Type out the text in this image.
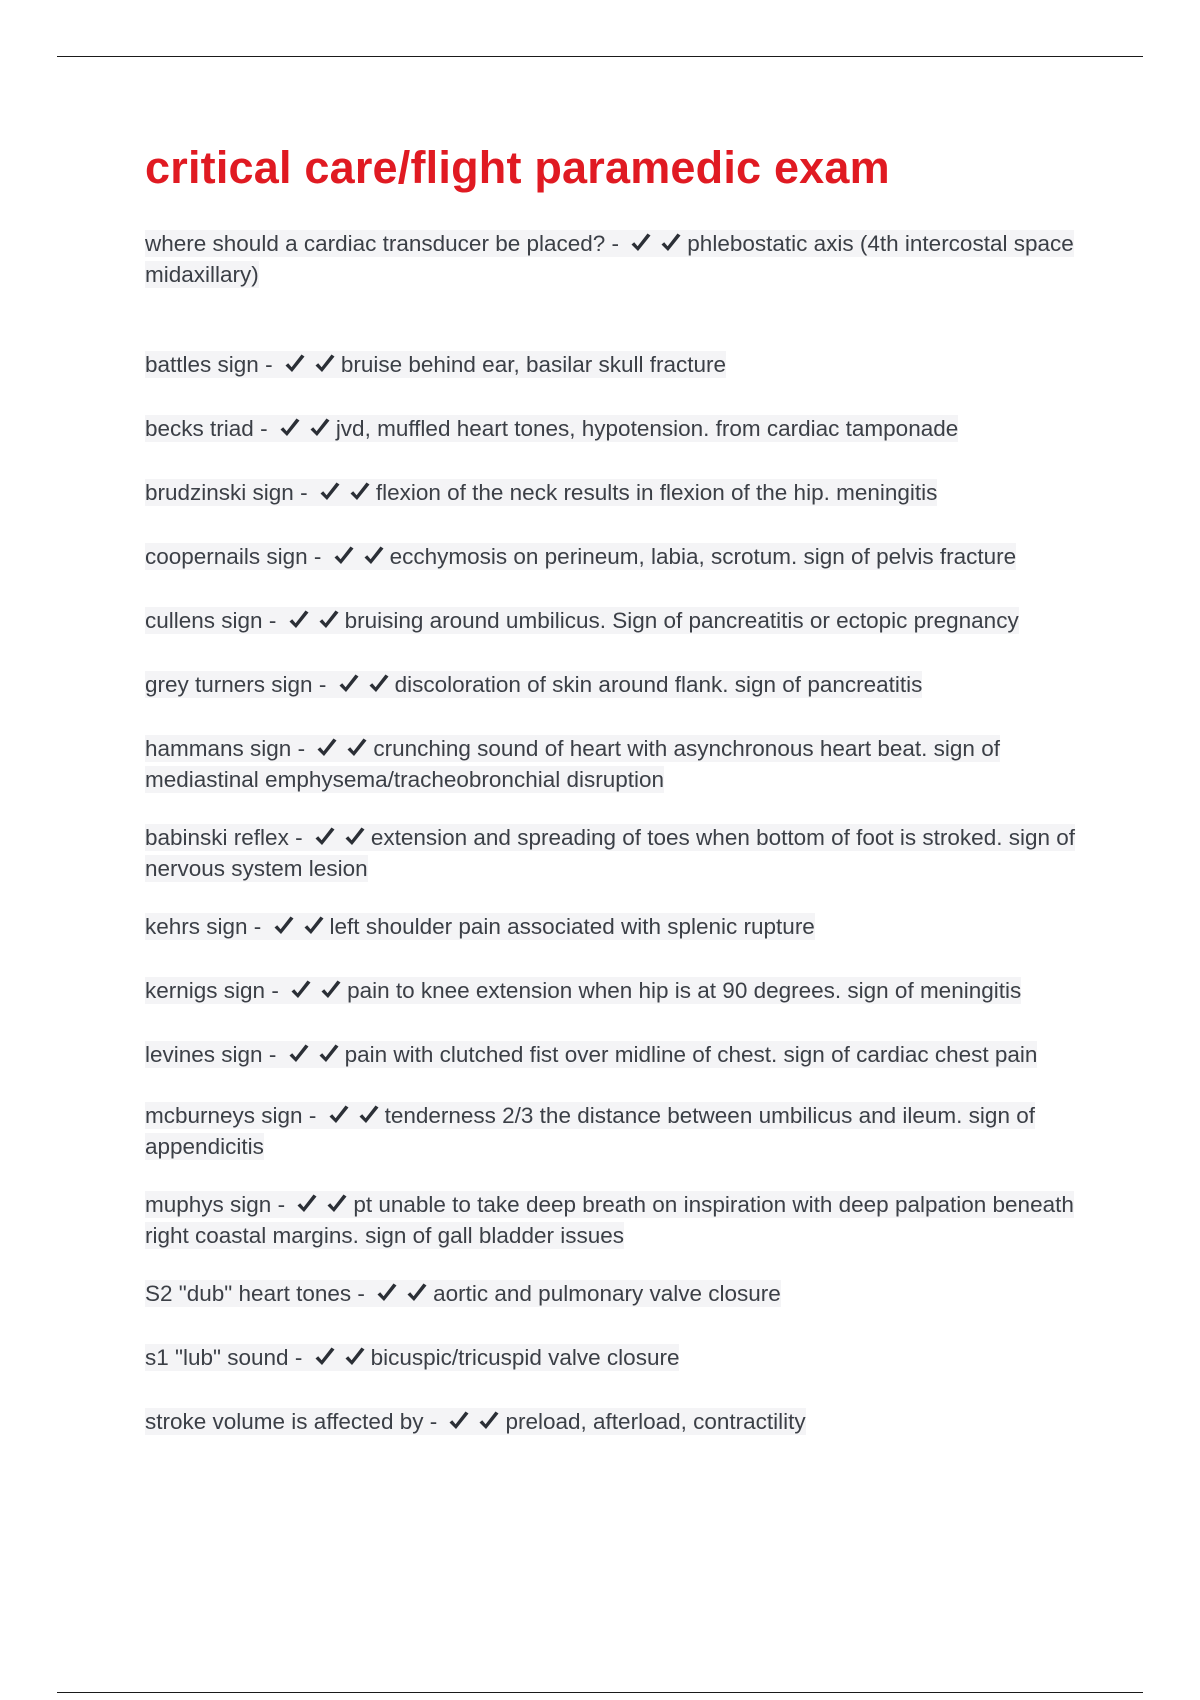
critical care/flight paramedic exam
where should a cardiac transducer be placed? -	phlebostatic axis (4th intercostal space midaxillary)
battles sign -	bruise behind ear, basilar skull fracture
becks triad -	jvd, muffled heart tones, hypotension. from cardiac tamponade
brudzinski sign -	flexion of the neck results in flexion of the hip. meningitis
coopernails sign -	ecchymosis on perineum, labia, scrotum. sign of pelvis fracture
cullens sign -	bruising around umbilicus. Sign of pancreatitis or ectopic pregnancy
grey turners sign -	discoloration of skin around flank. sign of pancreatitis
hammans sign -	crunching sound of heart with asynchronous heart beat. sign of mediastinal emphysema/tracheobronchial disruption
babinski reflex -	extension and spreading of toes when bottom of foot is stroked. sign of nervous system lesion
kehrs sign -	left shoulder pain associated with splenic rupture
kernigs sign -	pain to knee extension when hip is at 90 degrees. sign of meningitis
levines sign -	pain with clutched fist over midline of chest. sign of cardiac chest pain
mcburneys sign -	tenderness 2/3 the distance between umbilicus and ileum. sign of appendicitis
muphys sign -	pt unable to take deep breath on inspiration with deep palpation beneath right coastal margins. sign of gall bladder issues
S2 "dub" heart tones -	aortic and pulmonary valve closure
s1 "lub" sound -	bicuspic/tricuspid valve closure
stroke volume is affected by -	preload, afterload, contractility
